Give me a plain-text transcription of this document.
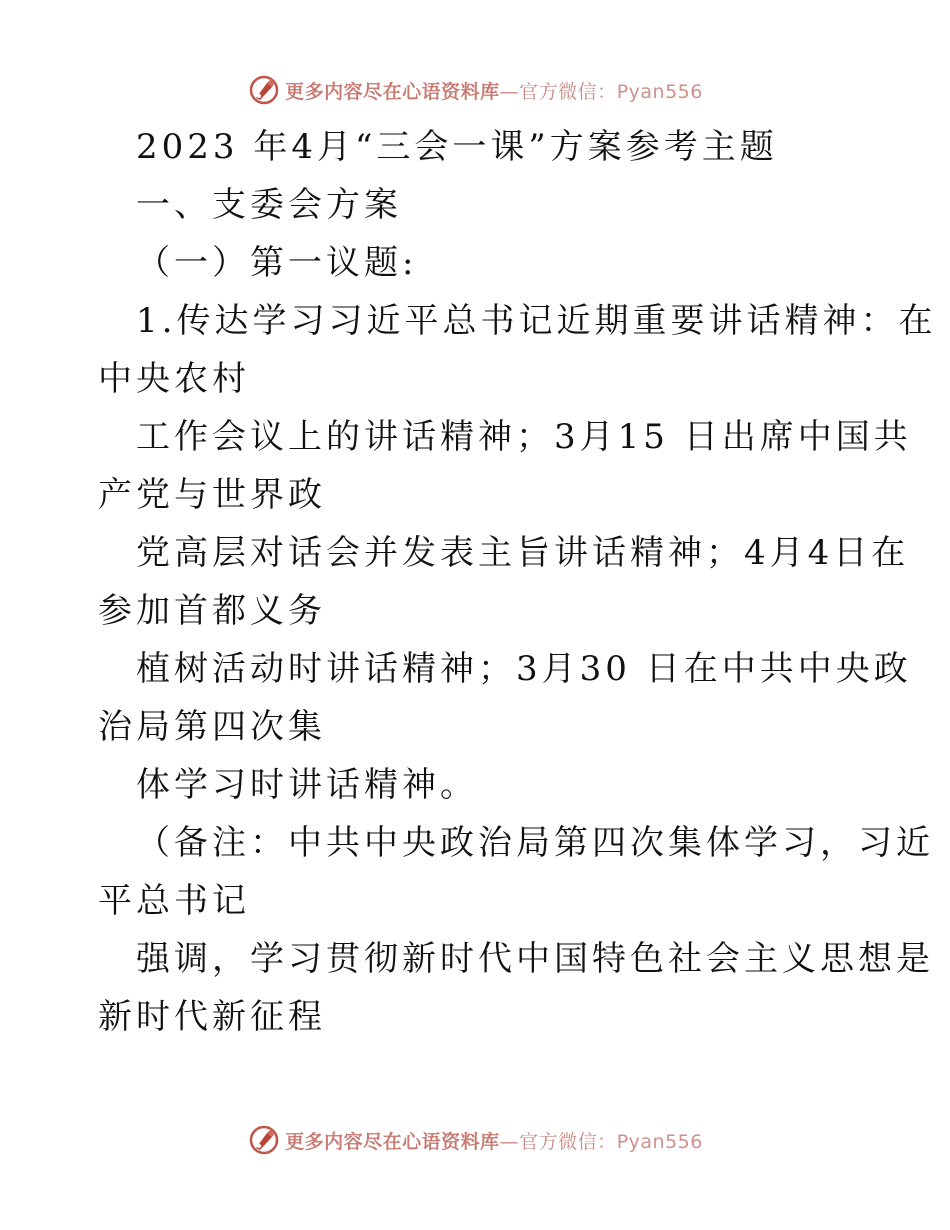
更多内容尽在心语资料库—官方微信：Pyan556
2023 年4月“三会一课”方案参考主题
一、支委会方案
（一）第一议题:
1.传达学习习近平总书记近期重要讲话精神：在
中央农村
工作会议上的讲话精神；3月15 日出席中国共
产党与世界政
党高层对话会并发表主旨讲话精神；4月4日在
参加首都义务
植树活动时讲话精神；3月30 日在中共中央政
治局第四次集
体学习时讲话精神。
（备注：中共中央政治局第四次集体学习，习近
平总书记
强调，学习贯彻新时代中国特色社会主义思想是
新时代新征程
更多内容尽在心语资料库—官方微信：Pyan556
